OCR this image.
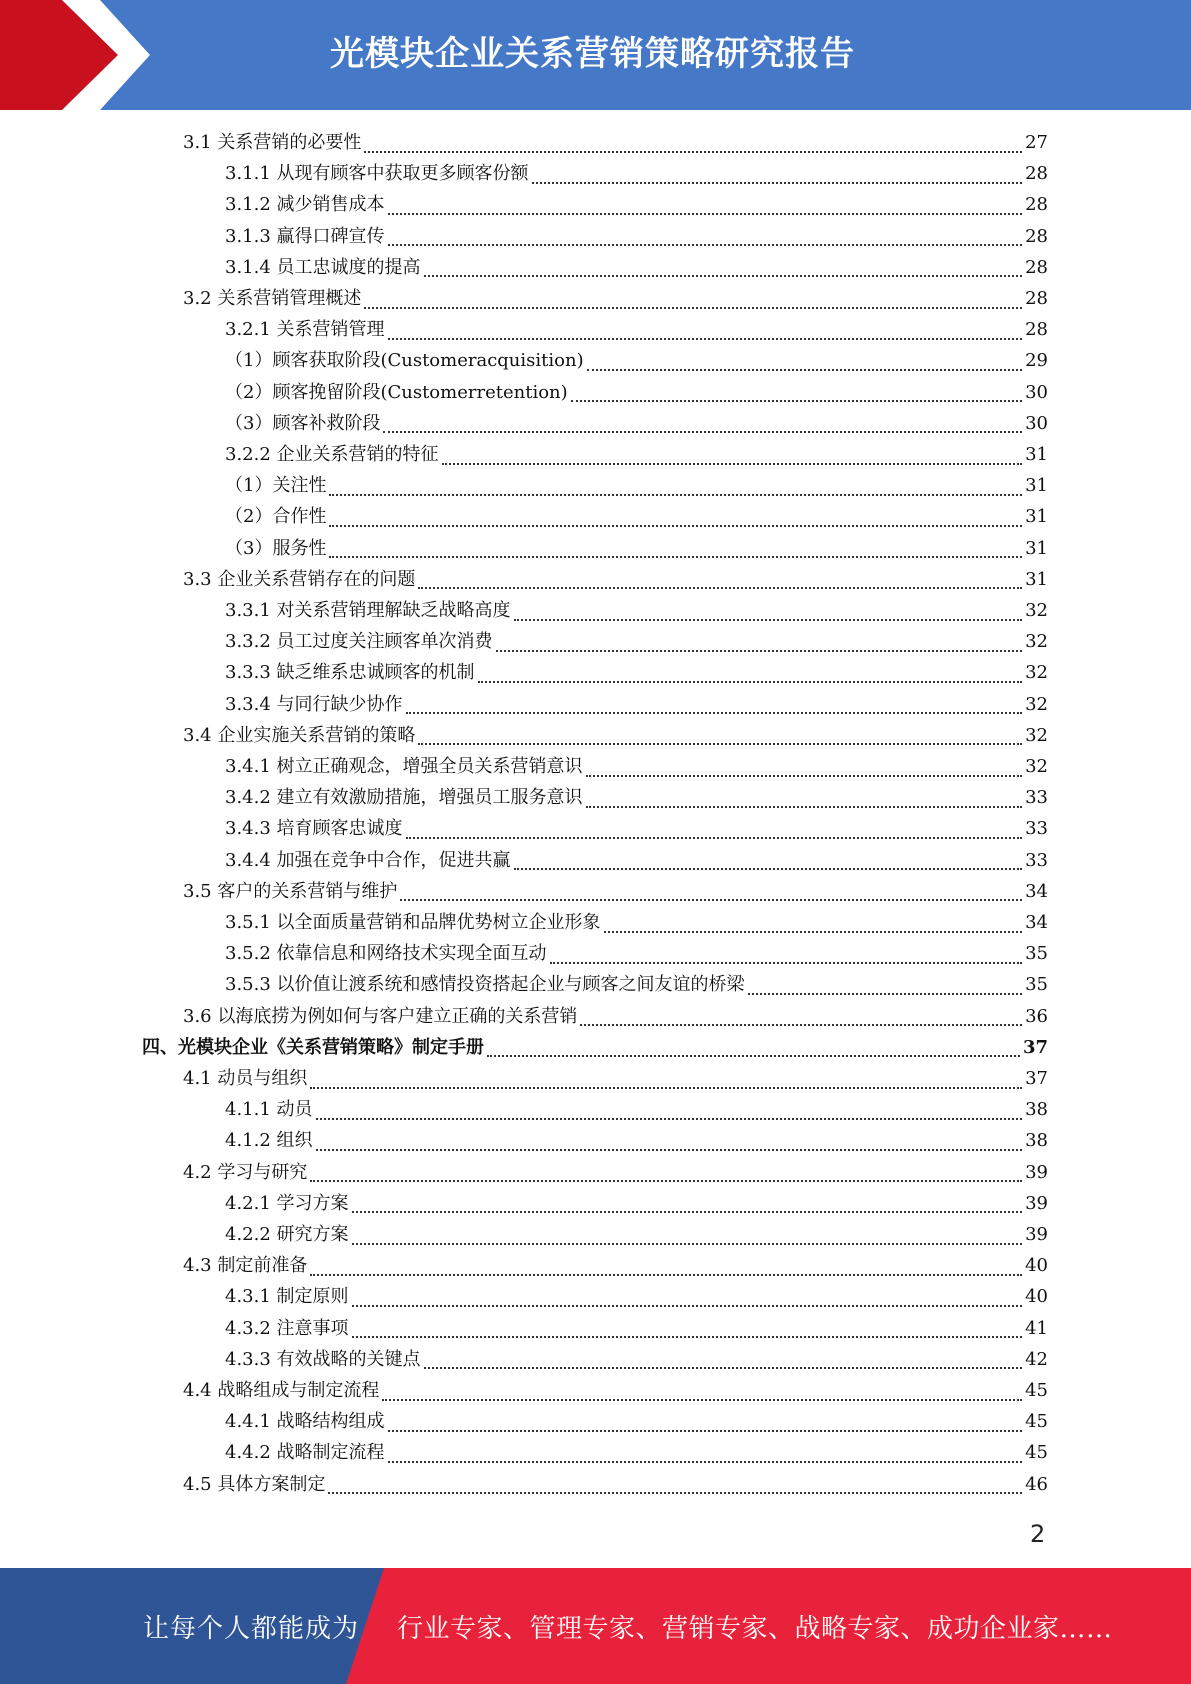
光模块企业关系营销策略研究报告
3.1 关系营销的必要性	27
3.1.1 从现有顾客中获取更多顾客份额	28
3.1.2 减少销售成本	28
3.1.3 赢得口碑宣传	28
3.1.4 员工忠诚度的提高	28
3.2 关系营销管理概述	28
3.2.1 关系营销管理	28
（1）顾客获取阶段(Customeracquisition)	29
（2）顾客挽留阶段(Customerretention)	30
（3）顾客补救阶段	30
3.2.2 企业关系营销的特征	31
（1）关注性	31
（2）合作性	31
（3）服务性	31
3.3 企业关系营销存在的问题	31
3.3.1 对关系营销理解缺乏战略高度	32
3.3.2 员工过度关注顾客单次消费	32
3.3.3 缺乏维系忠诚顾客的机制	32
3.3.4 与同行缺少协作	32
3.4 企业实施关系营销的策略	32
3.4.1 树立正确观念，增强全员关系营销意识	32
3.4.2 建立有效激励措施，增强员工服务意识	33
3.4.3 培育顾客忠诚度	33
3.4.4 加强在竞争中合作，促进共赢	33
3.5 客户的关系营销与维护	34
3.5.1 以全面质量营销和品牌优势树立企业形象	34
3.5.2 依靠信息和网络技术实现全面互动	35
3.5.3 以价值让渡系统和感情投资搭起企业与顾客之间友谊的桥梁	35
3.6 以海底捞为例如何与客户建立正确的关系营销	36
四、光模块企业《关系营销策略》制定手册	37
4.1 动员与组织	37
4.1.1 动员	38
4.1.2 组织	38
4.2 学习与研究	39
4.2.1 学习方案	39
4.2.2 研究方案	39
4.3 制定前准备	40
4.3.1 制定原则	40
4.3.2 注意事项	41
4.3.3 有效战略的关键点	42
4.4 战略组成与制定流程	45
4.4.1 战略结构组成	45
4.4.2 战略制定流程	45
4.5 具体方案制定	46
2
让每个人都能成为 行业专家、管理专家、营销专家、战略专家、成功企业家……
